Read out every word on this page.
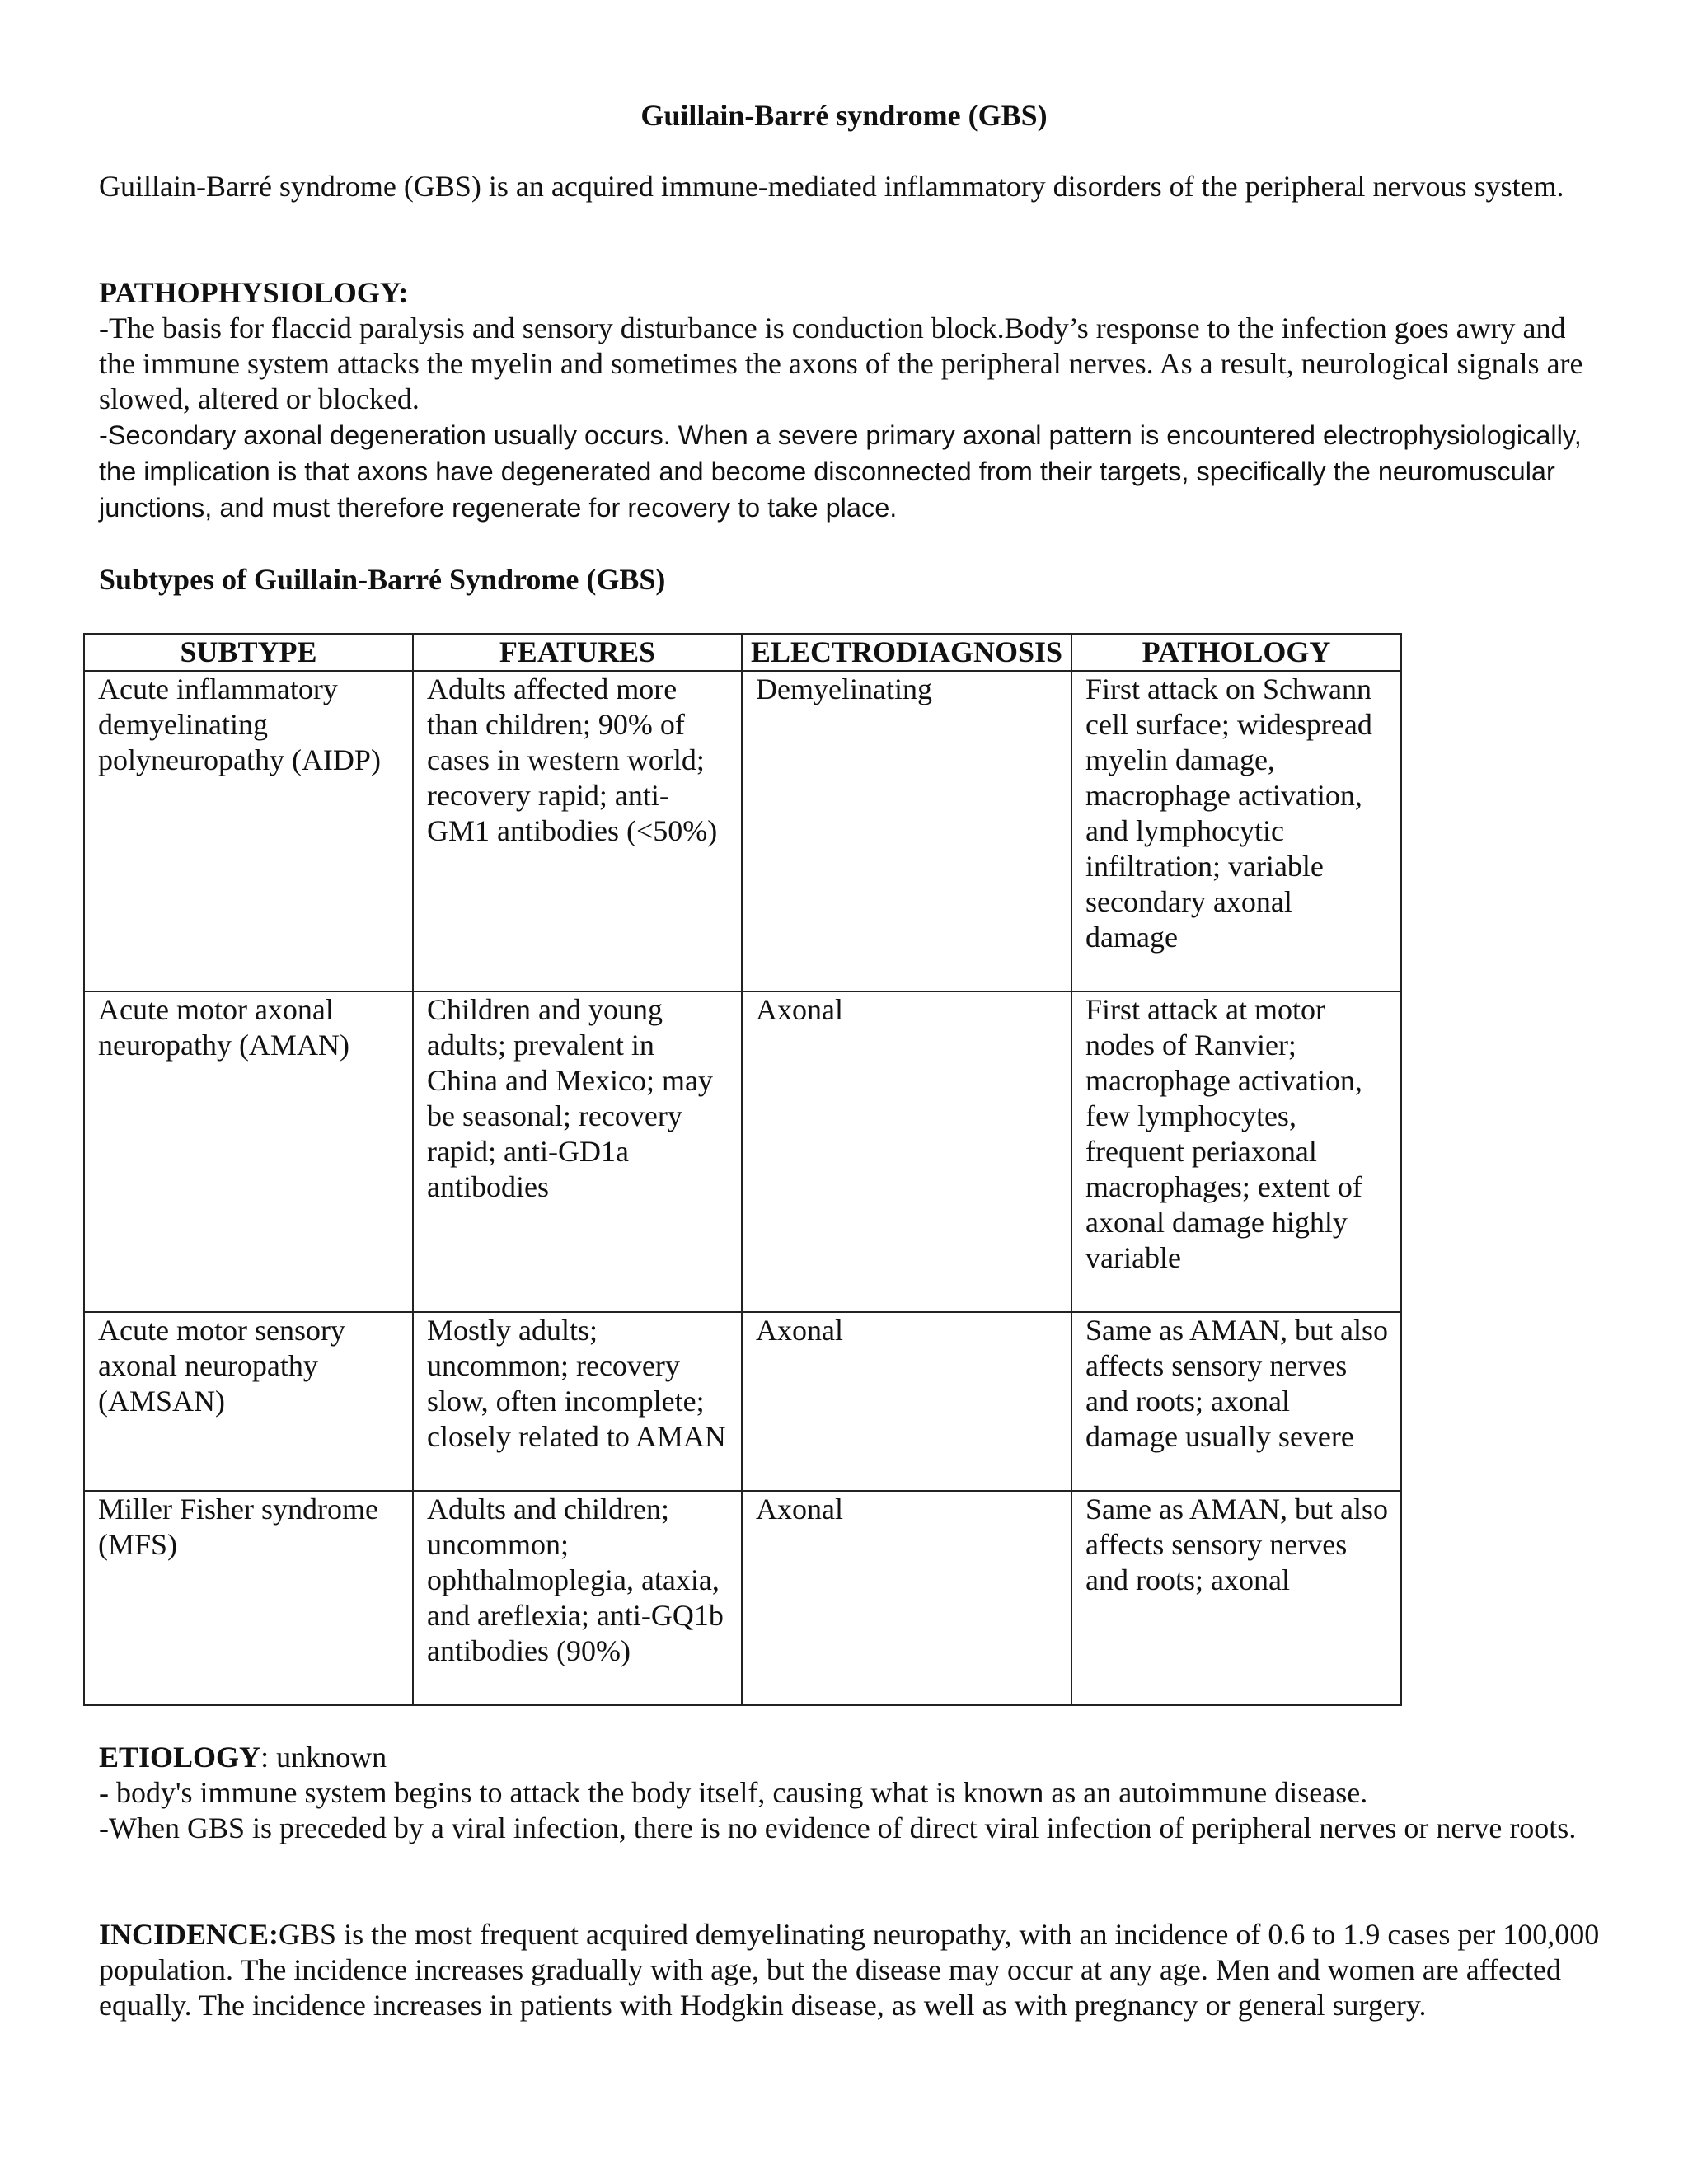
Guillain-Barré syndrome (GBS)

Guillain-Barré syndrome (GBS) is an acquired immune-mediated inflammatory disorders of the peripheral nervous system.

PATHOPHYSIOLOGY:

-The basis for flaccid paralysis and sensory disturbance is conduction block.Body’s response to the infection goes awry and the immune system attacks the myelin and sometimes the axons of the peripheral nerves. As a result, neurological signals are slowed, altered or blocked.

-Secondary axonal degeneration usually occurs. When a severe primary axonal pattern is encountered electrophysiologically, the implication is that axons have degenerated and become disconnected from their targets, specifically the neuromuscular junctions, and must therefore regenerate for recovery to take place.

Subtypes of Guillain-Barré Syndrome (GBS)
SUBTYPE	FEATURES	ELECTRODIAGNOSIS	PATHOLOGY
Acute inflammatory demyelinating polyneuropathy (AIDP)	Adults affected more than children; 90% of cases in western world; recovery rapid; anti-GM1 antibodies (<50%)	Demyelinating	First attack on Schwann cell surface; widespread myelin damage, macrophage activation, and lymphocytic infiltration; variable secondary axonal damage
Acute motor axonal neuropathy (AMAN)	Children and young adults; prevalent in China and Mexico; may be seasonal; recovery rapid; anti-GD1a antibodies	Axonal	First attack at motor nodes of Ranvier; macrophage activation, few lymphocytes, frequent periaxonal macrophages; extent of axonal damage highly variable
Acute motor sensory axonal neuropathy (AMSAN)	Mostly adults; uncommon; recovery slow, often incomplete; closely related to AMAN	Axonal	Same as AMAN, but also affects sensory nerves and roots; axonal damage usually severe
Miller Fisher syndrome (MFS)	Adults and children; uncommon; ophthalmoplegia, ataxia, and areflexia; anti-GQ1b antibodies (90%)	Axonal	Same as AMAN, but also affects sensory nerves and roots; axonal

ETIOLOGY: unknown

- body's immune system begins to attack the body itself, causing what is known as an autoimmune disease.

-When GBS is preceded by a viral infection, there is no evidence of direct viral infection of peripheral nerves or nerve roots.

INCIDENCE:GBS is the most frequent acquired demyelinating neuropathy, with an incidence of 0.6 to 1.9 cases per 100,000 population. The incidence increases gradually with age, but the disease may occur at any age. Men and women are affected equally. The incidence increases in patients with Hodgkin disease, as well as with pregnancy or general surgery.
